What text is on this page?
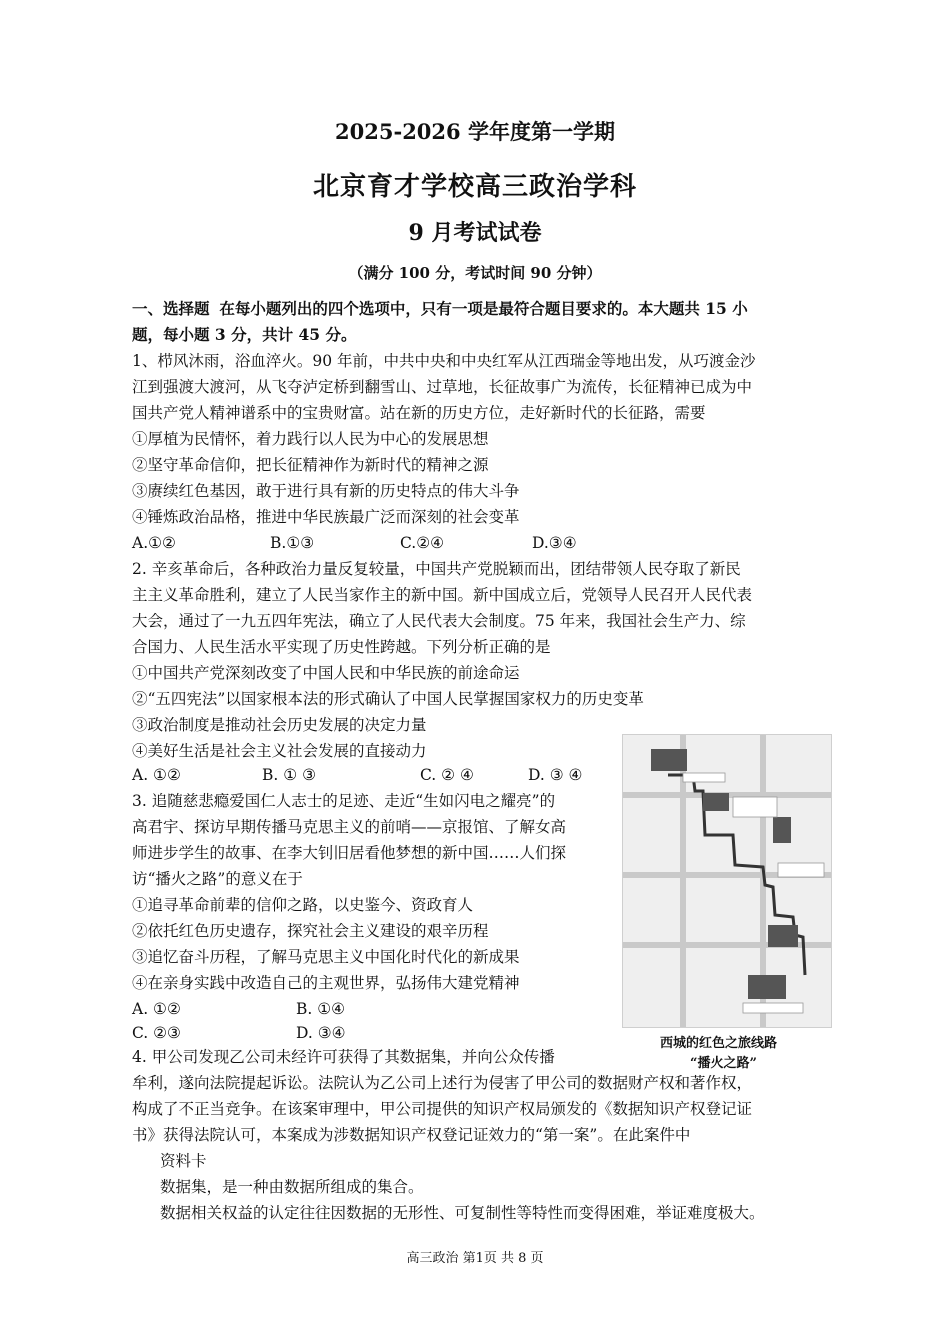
2025-2026 学年度第一学期
北京育才学校高三政治学科
9 月考试试卷
（满分 100 分，考试时间 90 分钟）
一、选择题 在每小题列出的四个选项中，只有一项是最符合题目要求的。本大题共 15 小
题，每小题 3 分，共计 45 分。
1、栉风沐雨，浴血淬火。90 年前，中共中央和中央红军从江西瑞金等地出发，从巧渡金沙
江到强渡大渡河，从飞夺泸定桥到翻雪山、过草地，长征故事广为流传，长征精神已成为中
国共产党人精神谱系中的宝贵财富。站在新的历史方位，走好新时代的长征路，需要
①厚植为民情怀，着力践行以人民为中心的发展思想
②坚守革命信仰，把长征精神作为新时代的精神之源
③赓续红色基因，敢于进行具有新的历史特点的伟大斗争
④锤炼政治品格，推进中华民族最广泛而深刻的社会变革
A.①②	B.①③	C.②④	D.③④
2. 辛亥革命后，各种政治力量反复较量，中国共产党脱颖而出，团结带领人民夺取了新民
主主义革命胜利，建立了人民当家作主的新中国。新中国成立后，党领导人民召开人民代表
大会，通过了一九五四年宪法，确立了人民代表大会制度。75 年来，我国社会生产力、综
合国力、人民生活水平实现了历史性跨越。下列分析正确的是
①中国共产党深刻改变了中国人民和中华民族的前途命运
②“五四宪法”以国家根本法的形式确认了中国人民掌握国家权力的历史变革
③政治制度是推动社会历史发展的决定力量
④美好生活是社会主义社会发展的直接动力
A. ①②	B. ① ③	C. ② ④	D. ③ ④
3. 追随慈悲瘾爱国仁人志士的足迹、走近“生如闪电之耀亮”的
高君宇、探访早期传播马克思主义的前哨——京报馆、了解女高
师进步学生的故事、在李大钊旧居看他梦想的新中国……人们探
访“播火之路”的意义在于
①追寻革命前辈的信仰之路，以史鉴今、资政育人
②依托红色历史遗存，探究社会主义建设的艰辛历程
③追忆奋斗历程，了解马克思主义中国化时代化的新成果
④在亲身实践中改造自己的主观世界，弘扬伟大建党精神
A. ①②	B. ①④
C. ②③	D. ③④
西城的红色之旅线路
“播火之路”
4. 甲公司发现乙公司未经许可获得了其数据集，并向公众传播
牟利，遂向法院提起诉讼。法院认为乙公司上述行为侵害了甲公司的数据财产权和著作权，
构成了不正当竞争。在该案审理中，甲公司提供的知识产权局颁发的《数据知识产权登记证
书》获得法院认可，本案成为涉数据知识产权登记证效力的“第一案”。在此案件中
资料卡
数据集，是一种由数据所组成的集合。
数据相关权益的认定往往因数据的无形性、可复制性等特性而变得困难，举证难度极大。
高三政治 第1页 共 8 页
